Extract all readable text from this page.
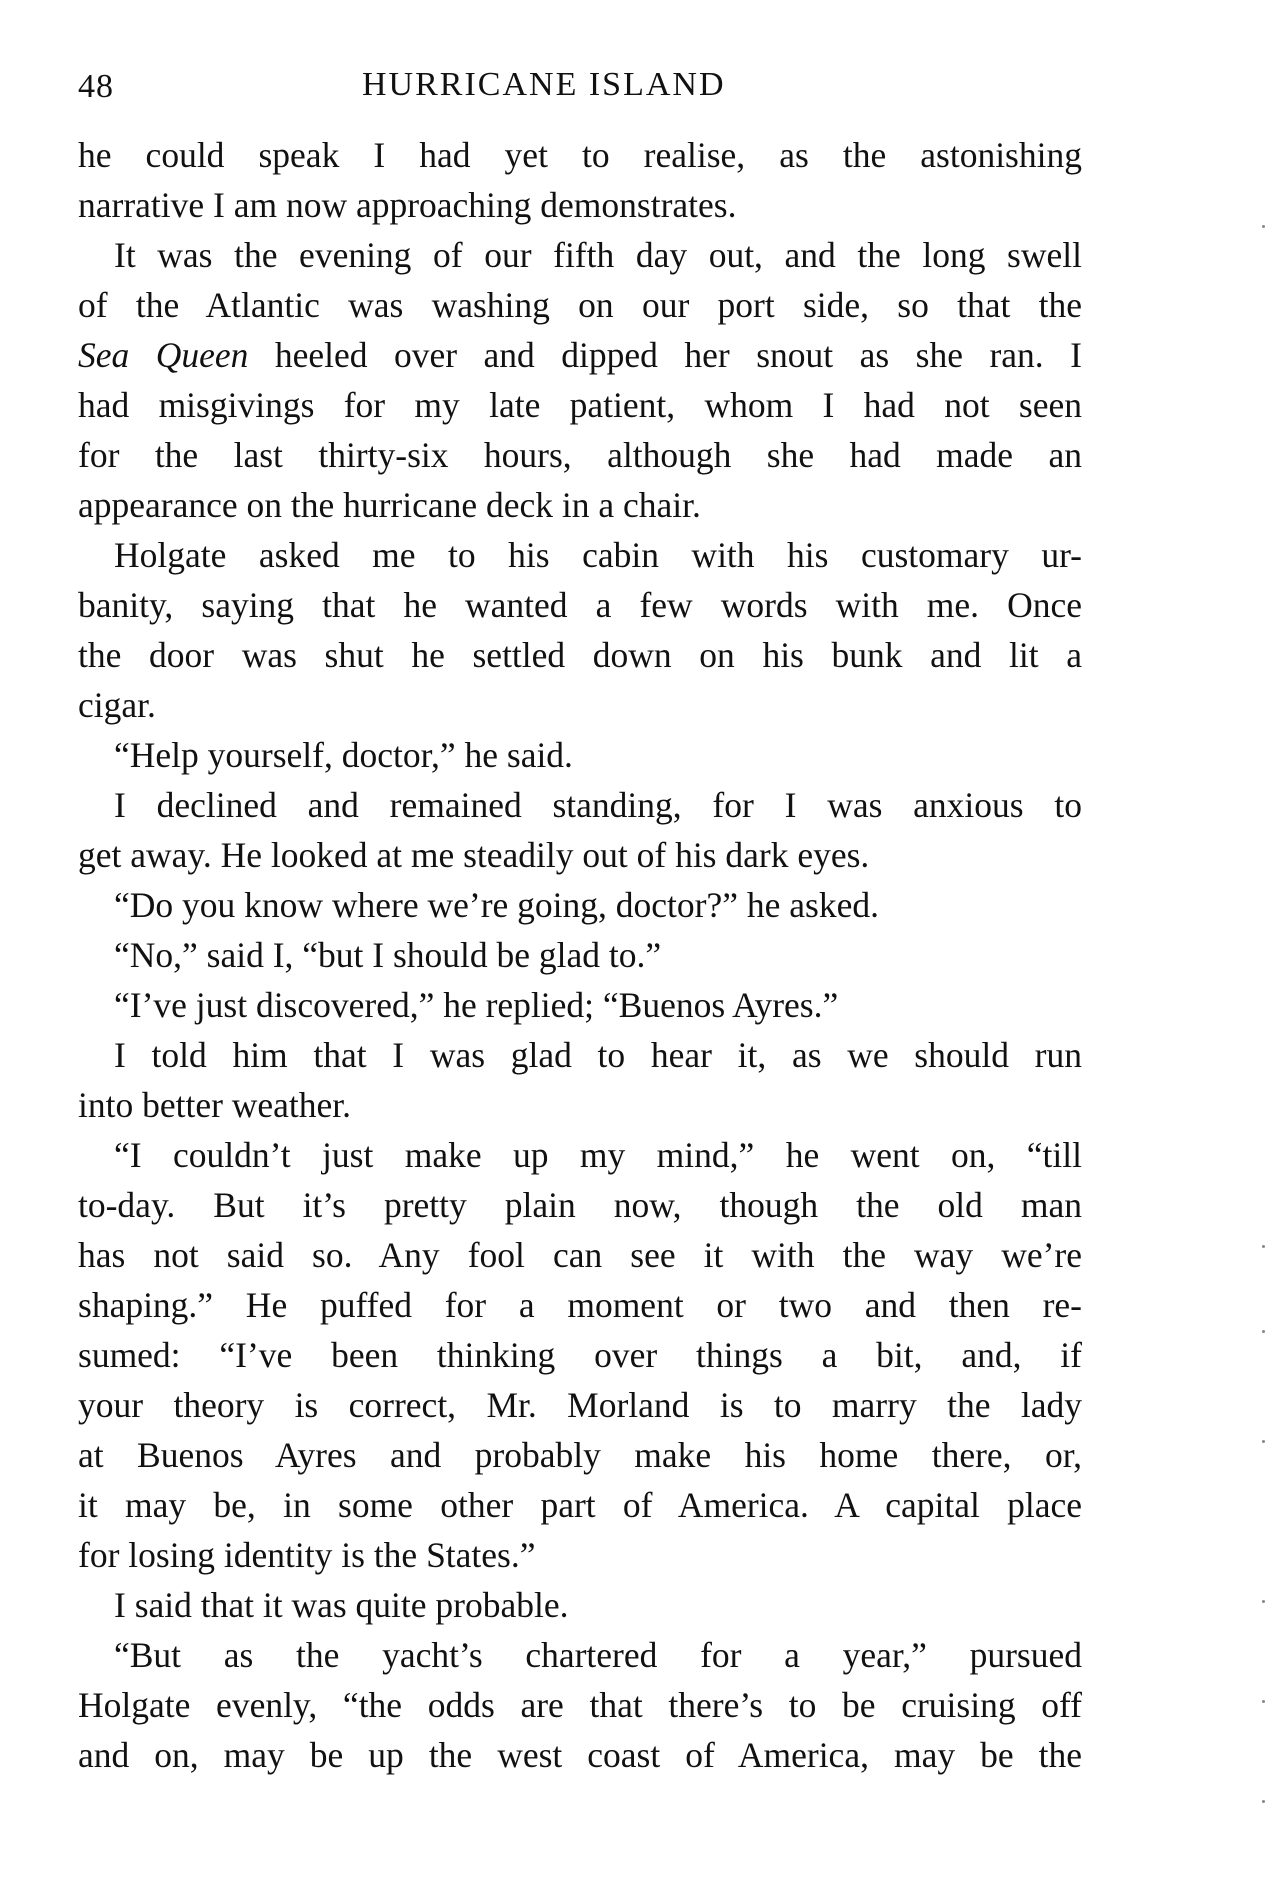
48	HURRICANE ISLAND
he could speak I had yet to realise, as the astonishing
narrative I am now approaching demonstrates.
It was the evening of our fifth day out, and the long swell
of the Atlantic was washing on our port side, so that the
Sea Queen heeled over and dipped her snout as she ran. I
had misgivings for my late patient, whom I had not seen
for the last thirty-six hours, although she had made an
appearance on the hurricane deck in a chair.
Holgate asked me to his cabin with his customary ur-
banity, saying that he wanted a few words with me. Once
the door was shut he settled down on his bunk and lit a
cigar.
“Help yourself, doctor,” he said.
I declined and remained standing, for I was anxious to
get away. He looked at me steadily out of his dark eyes.
“Do you know where we’re going, doctor?” he asked.
“No,” said I, “but I should be glad to.”
“I’ve just discovered,” he replied; “Buenos Ayres.”
I told him that I was glad to hear it, as we should run
into better weather.
“I couldn’t just make up my mind,” he went on, “till
to-day. But it’s pretty plain now, though the old man
has not said so. Any fool can see it with the way we’re
shaping.” He puffed for a moment or two and then re-
sumed: “I’ve been thinking over things a bit, and, if
your theory is correct, Mr. Morland is to marry the lady
at Buenos Ayres and probably make his home there, or,
it may be, in some other part of America. A capital place
for losing identity is the States.”
I said that it was quite probable.
“But as the yacht’s chartered for a year,” pursued
Holgate evenly, “the odds are that there’s to be cruising off
and on, may be up the west coast of America, may be the
